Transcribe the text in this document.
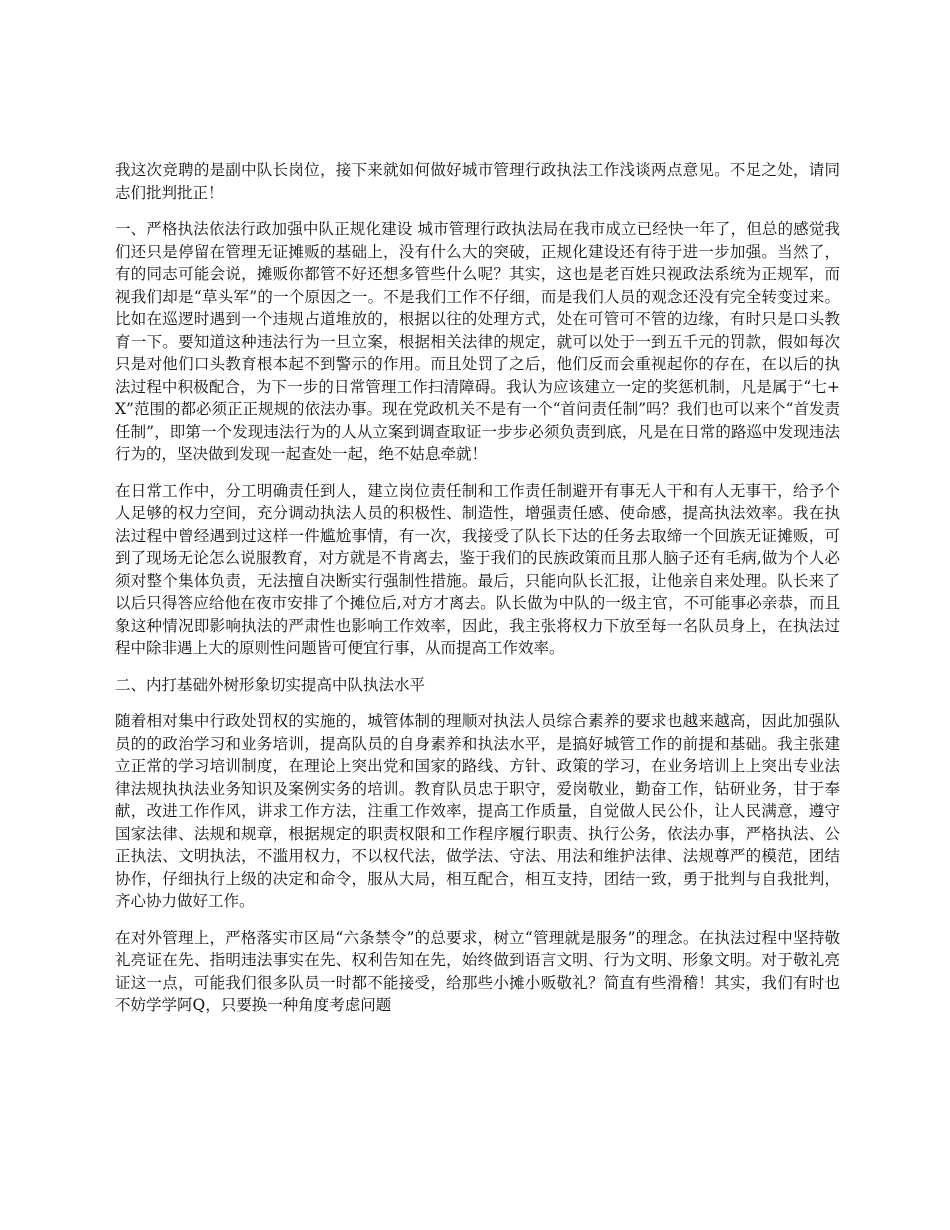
我这次竞聘的是副中队长岗位，接下来就如何做好城市管理行政执法工作浅谈两点意见。不足之处，请同志们批判批正！

一、严格执法依法行政加强中队正规化建设 城市管理行政执法局在我市成立已经快一年了，但总的感觉我们还只是停留在管理无证摊贩的基础上，没有什么大的突破，正规化建设还有待于进一步加强。当然了，有的同志可能会说，摊贩你都管不好还想多管些什么呢？其实，这也是老百姓只视政法系统为正规军，而视我们却是“草头军”的一个原因之一。不是我们工作不仔细，而是我们人员的观念还没有完全转变过来。比如在巡逻时遇到一个违规占道堆放的，根据以往的处理方式，处在可管可不管的边缘，有时只是口头教育一下。要知道这种违法行为一旦立案，根据相关法律的规定，就可以处于一到五千元的罚款，假如每次只是对他们口头教育根本起不到警示的作用。而且处罚了之后，他们反而会重视起你的存在，在以后的执法过程中积极配合，为下一步的日常管理工作扫清障碍。我认为应该建立一定的奖惩机制，凡是属于“七+X”范围的都必须正正规规的依法办事。现在党政机关不是有一个“首问责任制”吗？我们也可以来个“首发责任制”，即第一个发现违法行为的人从立案到调查取证一步步必须负责到底，凡是在日常的路巡中发现违法行为的，坚决做到发现一起查处一起，绝不姑息牵就！

在日常工作中，分工明确责任到人，建立岗位责任制和工作责任制避开有事无人干和有人无事干，给予个人足够的权力空间，充分调动执法人员的积极性、制造性，增强责任感、使命感，提高执法效率。我在执法过程中曾经遇到过这样一件尴尬事情，有一次，我接受了队长下达的任务去取缔一个回族无证摊贩，可到了现场无论怎么说服教育，对方就是不肯离去，鉴于我们的民族政策而且那人脑子还有毛病,做为个人必须对整个集体负责，无法擅自决断实行强制性措施。最后，只能向队长汇报，让他亲自来处理。队长来了以后只得答应给他在夜市安排了个摊位后,对方才离去。队长做为中队的一级主官，不可能事必亲恭，而且象这种情况即影响执法的严肃性也影响工作效率，因此，我主张将权力下放至每一名队员身上，在执法过程中除非遇上大的原则性问题皆可便宜行事，从而提高工作效率。

二、内打基础外树形象切实提高中队执法水平

随着相对集中行政处罚权的实施的，城管体制的理顺对执法人员综合素养的要求也越来越高，因此加强队员的的政治学习和业务培训，提高队员的自身素养和执法水平，是搞好城管工作的前提和基础。我主张建立正常的学习培训制度，在理论上突出党和国家的路线、方针、政策的学习，在业务培训上上突出专业法律法规执执法业务知识及案例实务的培训。教育队员忠于职守，爱岗敬业，勤奋工作，钻研业务，甘于奉献，改进工作作风，讲求工作方法，注重工作效率，提高工作质量，自觉做人民公仆，让人民满意，遵守国家法律、法规和规章，根据规定的职责权限和工作程序履行职责、执行公务，依法办事，严格执法、公正执法、文明执法，不滥用权力，不以权代法，做学法、守法、用法和维护法律、法规尊严的模范，团结协作，仔细执行上级的决定和命令，服从大局，相互配合，相互支持，团结一致，勇于批判与自我批判，齐心协力做好工作。

在对外管理上，严格落实市区局“六条禁令”的总要求，树立“管理就是服务”的理念。在执法过程中坚持敬礼亮证在先、指明违法事实在先、权利告知在先，始终做到语言文明、行为文明、形象文明。对于敬礼亮证这一点，可能我们很多队员一时都不能接受，给那些小摊小贩敬礼？简直有些滑稽！其实，我们有时也不妨学学阿Q，只要换一种角度考虑问题
